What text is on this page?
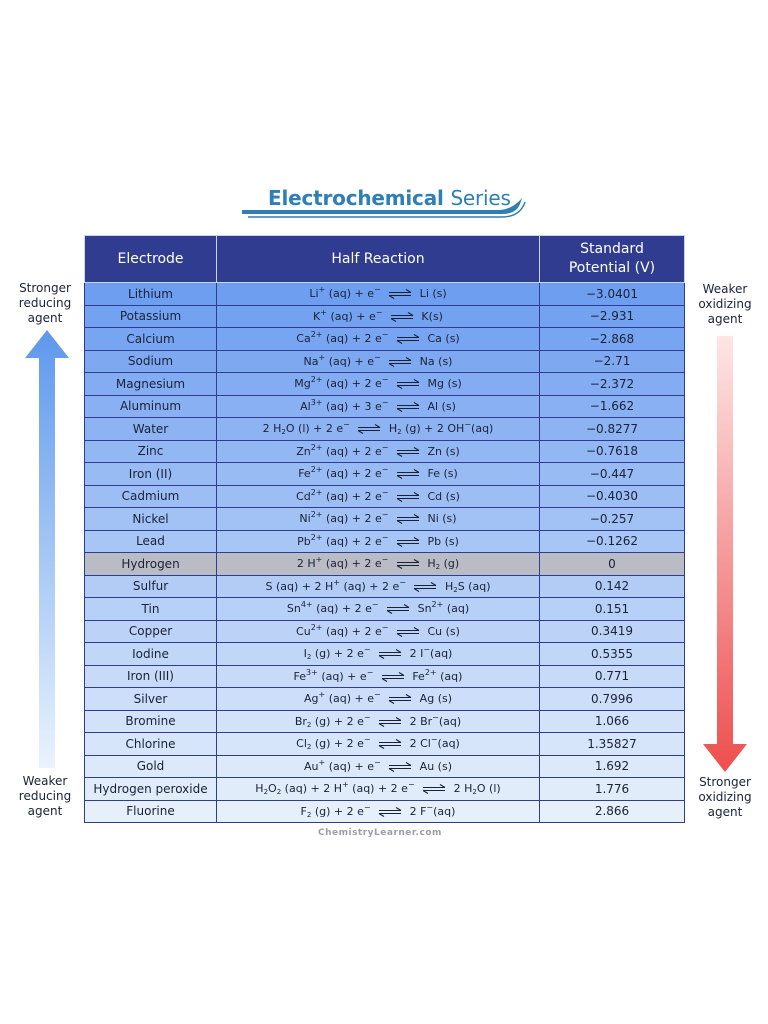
Electrochemical Series
Electrode	Half Reaction	Standard
Potential (V)
Lithium	Li+ (aq) + e− ⇌ Li (s)	−3.0401
Potassium	K+ (aq) + e− ⇌ K(s)	−2.931
Calcium	$Ca^{2+}$ (aq) + 2 e− ⇌ Ca (s)	−2.868
Sodium	Na+ (aq) + e− ⇌ Na (s)	−2.71
Magnesium	$Mg^{2+}$ (aq) + 2 e− ⇌ Mg (s)	−2.372
Aluminum	$Al^{3+}$ (aq) + 3 e− ⇌ Al (s)	−1.662
Water	2 $H_2O$ (l) + 2 e− ⇌ $H_2$ (g) + 2 OH−(aq)	−0.8277
Zinc	$Zn^{2+}$ (aq) + 2 e− ⇌ Zn (s)	−0.7618
Iron (II)	$Fe^{2+}$ (aq) + 2 e− ⇌ Fe (s)	−0.447
Cadmium	$Cd^{2+}$ (aq) + 2 e− ⇌ Cd (s)	−0.4030
Nickel	$Ni^{2+}$ (aq) + 2 e− ⇌ Ni (s)	−0.257
Lead	$Pb^{2+}$ (aq) + 2 e− ⇌ Pb (s)	−0.1262
Hydrogen	2 H+ (aq) + 2 e− ⇌ $H_2$ (g)	0
Sulfur	S (aq) + 2 H+ (aq) + 2 e− ⇌ $H_2S$ (aq)	0.142
Tin	$Sn^{4+}$ (aq) + 2 e− ⇌ $Sn^{2+}$ (aq)	0.151
Copper	$Cu^{2+}$ (aq) + 2 e− ⇌ Cu (s)	0.3419
Iodine	$I_2$ (g) + 2 e− ⇌ 2 I−(aq)	0.5355
Iron (III)	$Fe^{3+}$ (aq) + e− ⇌ $Fe^{2+}$ (aq)	0.771
Silver	Ag+ (aq) + e− ⇌ Ag (s)	0.7996
Bromine	$Br_2$ (g) + 2 e− ⇌ 2 Br−(aq)	1.066
Chlorine	$Cl_2$ (g) + 2 e− ⇌ 2 Cl−(aq)	1.35827
Gold	Au+ (aq) + e− ⇌ Au (s)	1.692
Hydrogen peroxide	$H_2O_2$ (aq) + 2 H+ (aq) + 2 e− ⇌ 2 $H_2O$ (l)	1.776
Fluorine	$F_2$ (g) + 2 e− ⇌ 2 F−(aq)	2.866
Stronger
reducing
agent
Weaker
reducing
agent
Weaker
oxidizing
agent
Stronger
oxidizing
agent
ChemistryLearner.com
